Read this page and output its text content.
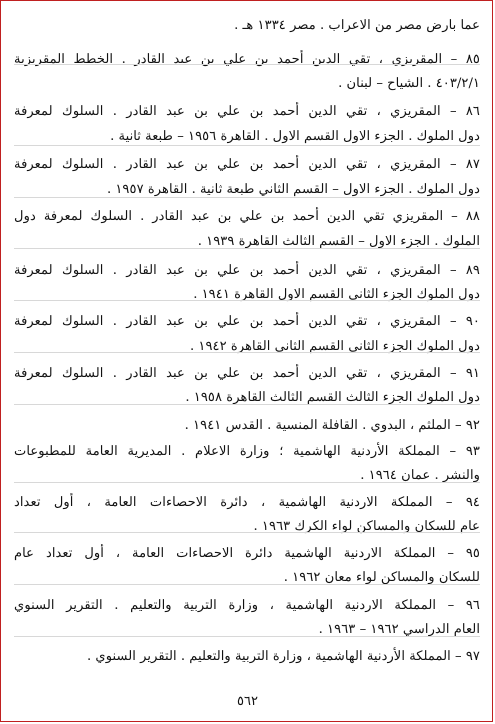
عما بارض مصر من الاعراب . مصر ١٣٣٤ هـ .
٨٥ – المقريزي ، تقي الدين أحمد بن علي بن عبد القادر . الخطط المقريزية
٤٠٣/٢/١ . الشياح – لبنان .
٨٦ – المقريزي ، تقي الدين أحمد بن علي بن عبد القادر . السلوك لمعرفة
دول الملوك . الجزء الاول القسم الاول . القاهرة ١٩٥٦ – طبعة ثانية .
٨٧ – المقريزي ، تقي الدين أحمد بن علي بن عبد القادر . السلوك لمعرفة
دول الملوك . الجزء الاول – القسم الثاني طبعة ثانية . القاهرة ١٩٥٧ .
٨٨ – المقريزي تقي الدين أحمد بن علي بن عبد القادر . السلوك لمعرفة دول
الملوك . الجزء الاول – القسم الثالث القاهرة ١٩٣٩ .
٨٩ – المقريزي ، تقي الدين أحمد بن علي بن عبد القادر . السلوك لمعرفة
دول الملوك الجزء الثاني القسم الاول القاهرة ١٩٤١ .
٩٠ – المقريزي ، تقي الدين أحمد بن علي بن عبد القادر . السلوك لمعرفة
دول الملوك الجزء الثاني القسم الثاني القاهرة ١٩٤٢ .
٩١ – المقريزي ، تقي الدين أحمد بن علي بن عبد القادر . السلوك لمعرفة
دول الملوك الجزء الثالث القسم الثالث القاهرة ١٩٥٨ .
٩٢ – الملثم ، البدوي . القافلة المنسية . القدس ١٩٤١ .
٩٣ – المملكة الأردنية الهاشمية ؛ وزارة الاعلام . المديرية العامة للمطبوعات
والنشر . عمان ١٩٦٤ .
٩٤ – المملكة الاردنية الهاشمية ، دائرة الاحصاءات العامة ، أول تعداد
عام للسكان والمساكن لواء الكرك ١٩٦٣ .
٩٥ – المملكة الاردنية الهاشمية دائرة الاحصاءات العامة ، أول تعداد عام
للسكان والمساكن لواء معان ١٩٦٢ .
٩٦ – المملكة الاردنية الهاشمية ، وزارة التربية والتعليم . التقرير السنوي
العام الدراسي ١٩٦٢ – ١٩٦٣ .
٩٧ – المملكة الأردنية الهاشمية ، وزارة التربية والتعليم . التقرير السنوي .
٥٦٢
